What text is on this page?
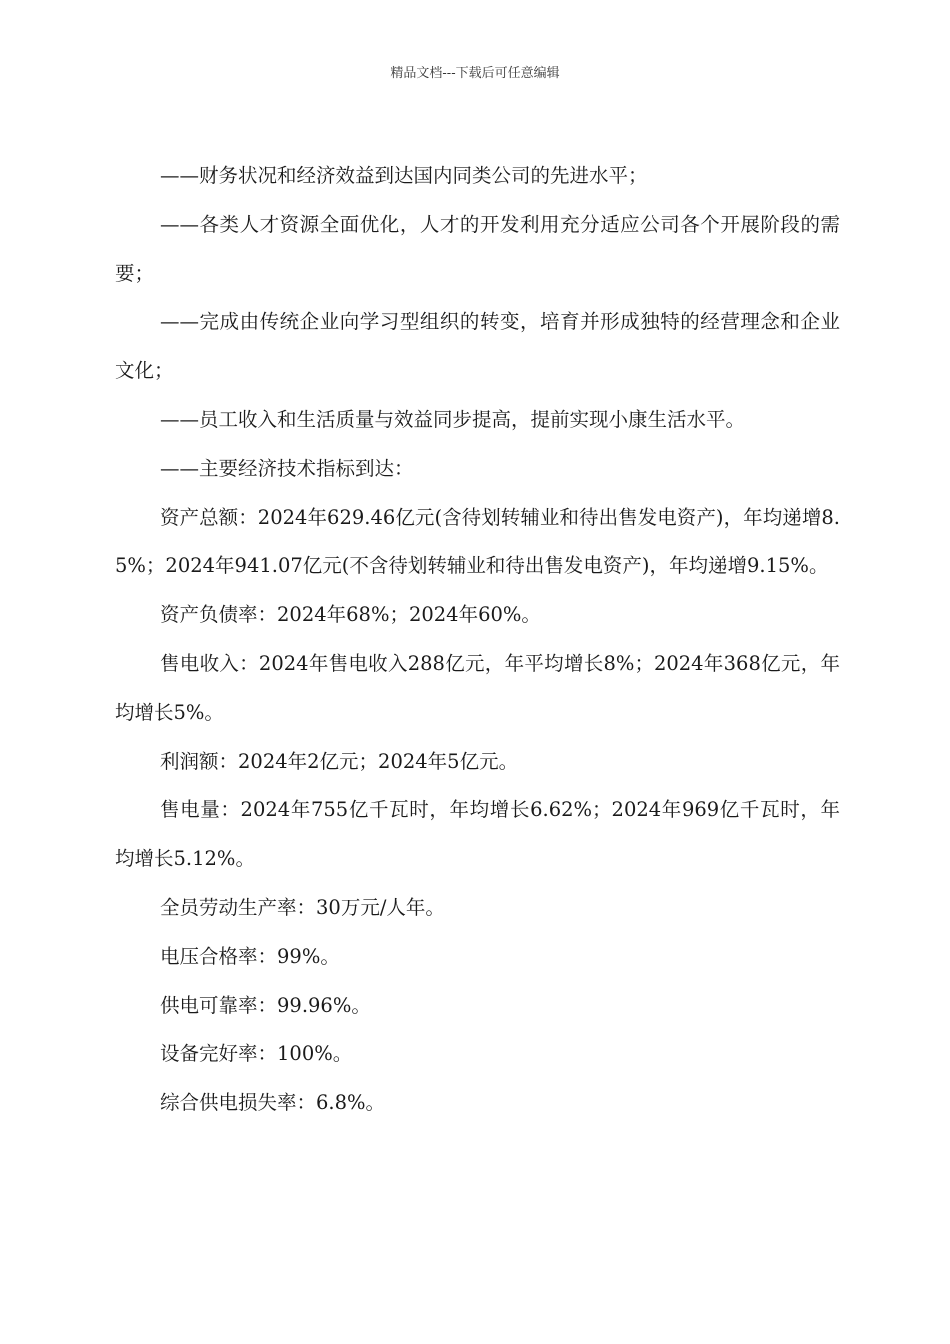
精品文档---下载后可任意编辑

——财务状况和经济效益到达国内同类公司的先进水平；

——各类人才资源全面优化，人才的开发利用充分适应公司各个开展阶段的需要；

——完成由传统企业向学习型组织的转变，培育并形成独特的经营理念和企业文化；

——员工收入和生活质量与效益同步提高，提前实现小康生活水平。

——主要经济技术指标到达：

资产总额：2024年629.46亿元(含待划转辅业和待出售发电资产)，年均递增8.5%；2024年941.07亿元(不含待划转辅业和待出售发电资产)，年均递增9.15%。

资产负债率：2024年68%；2024年60%。

售电收入：2024年售电收入288亿元，年平均增长8%；2024年368亿元，年均增长5%。

利润额：2024年2亿元；2024年5亿元。

售电量：2024年755亿千瓦时，年均增长6.62%；2024年969亿千瓦时，年均增长5.12%。

全员劳动生产率：30万元/人年。

电压合格率：99%。

供电可靠率：99.96%。

设备完好率：100%。

综合供电损失率：6.8%。
